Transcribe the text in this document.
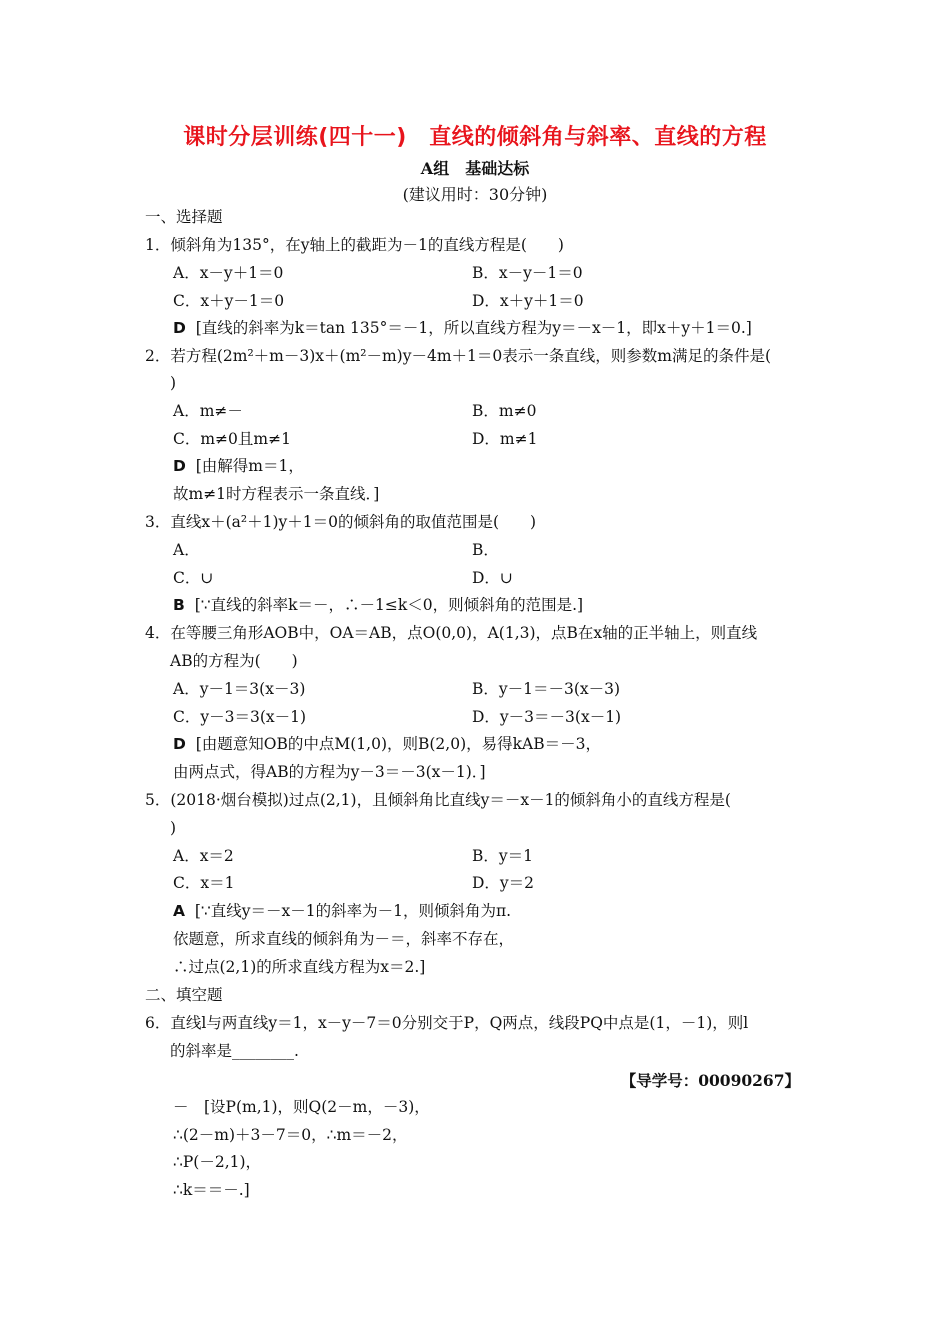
课时分层训练(四十一)　直线的倾斜角与斜率、直线的方程
A组　基础达标
(建议用时：30分钟)
一、选择题
1．倾斜角为135°，在y轴上的截距为－1的直线方程是(　　)
A．x－y＋1＝0	B．x－y－1＝0
C．x＋y－1＝0	D．x＋y＋1＝0
D [直线的斜率为k＝tan 135°＝－1，所以直线方程为y＝－x－1，即x＋y＋1＝0.]
2．若方程(2m²＋m－3)x＋(m²－m)y－4m＋1＝0表示一条直线，则参数m满足的条件是(
)
A．m≠－	B．m≠0
C．m≠0且m≠1	D．m≠1
D [由解得m＝1，
故m≠1时方程表示一条直线．]
3．直线x＋(a²＋1)y＋1＝0的倾斜角的取值范围是(　　)
A．	B．
C．∪	D．∪
B [∵直线的斜率k＝－，∴－1≤k＜0，则倾斜角的范围是.]
4．在等腰三角形AOB中，OA＝AB，点O(0,0)，A(1,3)，点B在x轴的正半轴上，则直线
AB的方程为(　　)
A．y－1＝3(x－3)	B．y－1＝－3(x－3)
C．y－3＝3(x－1)	D．y－3＝－3(x－1)
D [由题意知OB的中点M(1,0)，则B(2,0)，易得kAB＝－3，
由两点式，得AB的方程为y－3＝－3(x－1)．]
5．(2018·烟台模拟)过点(2,1)，且倾斜角比直线y＝－x－1的倾斜角小的直线方程是(
)
A．x＝2	B．y＝1
C．x＝1	D．y＝2
A [∵直线y＝－x－1的斜率为－1，则倾斜角为π.
依题意，所求直线的倾斜角为－＝，斜率不存在，
∴过点(2,1)的所求直线方程为x＝2.]
二、填空题
6．直线l与两直线y＝1，x－y－7＝0分别交于P，Q两点，线段PQ中点是(1，－1)，则l
的斜率是________.
【导学号：00090267】
－　[设P(m,1)，则Q(2－m，－3)，
∴(2－m)＋3－7＝0，∴m＝－2，
∴P(－2,1)，
∴k＝＝－.]
